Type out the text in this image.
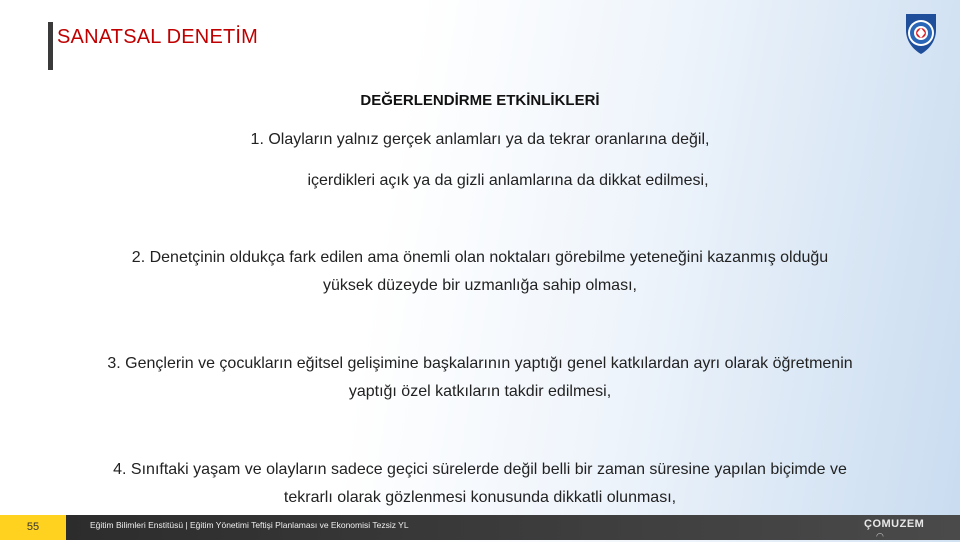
SANATSAL DENETİM
DEĞERLENDİRME ETKİNLİKLERİ
1. Olayların yalnız gerçek anlamları ya da tekrar oranlarına değil,
içerdikleri açık ya da gizli anlamlarına da dikkat edilmesi,
2. Denetçinin oldukça fark edilen ama önemli olan noktaları görebilme yeteneğini kazanmış olduğu
yüksek düzeyde bir uzmanlığa sahip olması,
3. Gençlerin ve çocukların eğitsel gelişimine başkalarının yaptığı genel katkılardan ayrı olarak öğretmenin
yaptığı özel katkıların takdir edilmesi,
4. Sınıftaki yaşam ve olayların sadece geçici sürelerde değil belli bir zaman süresine yapılan biçimde ve
tekrarlı olarak gözlenmesi konusunda dikkatli olunması,
55	Eğitim Bilimleri Enstitüsü | Eğitim Yönetimi Teftişi Planlaması ve Ekonomisi Tezsiz YL	ÇOMUZEM
◠
